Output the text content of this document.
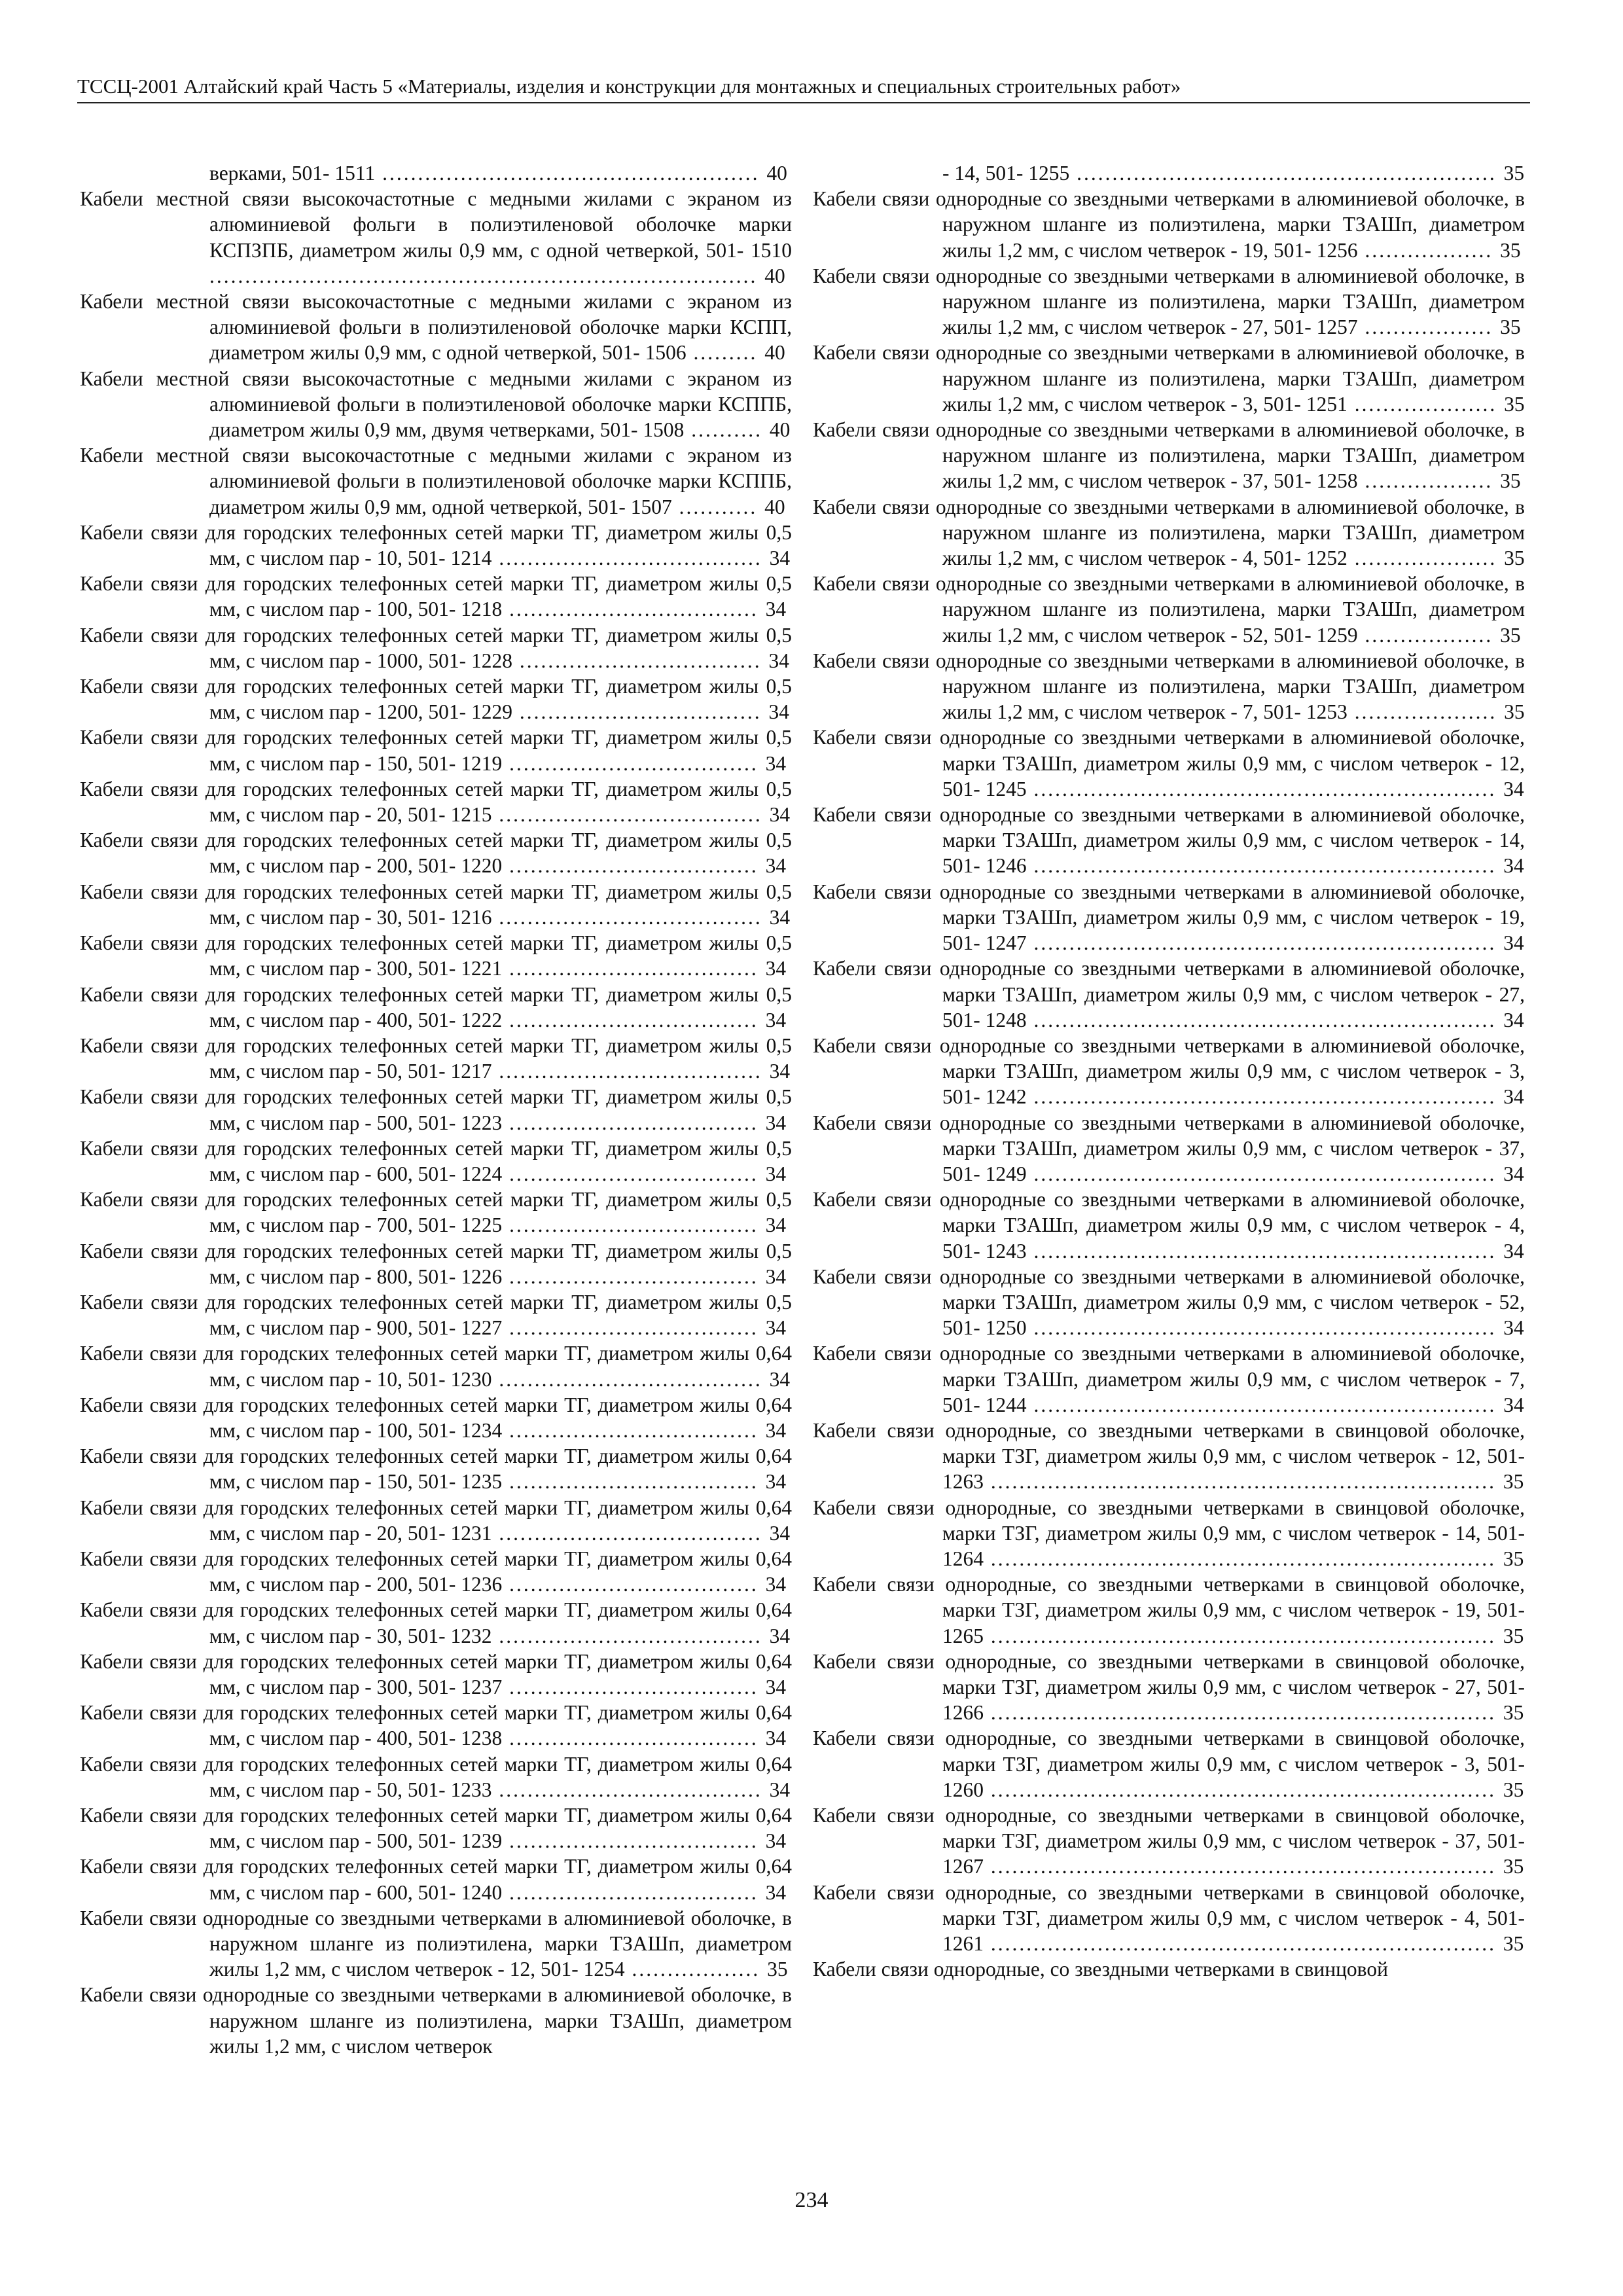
ТССЦ-2001 Алтайский край Часть 5 «Материалы, изделия и конструкции для монтажных и специальных строительных работ»
верками, 501- 1511 ..................................................... 40
Кабели местной связи высокочастотные с медными жилами с экраном из алюминиевой фольги в полиэтиленовой оболочке марки КСПЗПБ, диаметром жилы 0,9 мм, с одной четверкой, 501- 1510 ............................................................................. 40
Кабели местной связи высокочастотные с медными жилами с экраном из алюминиевой фольги в полиэтиленовой оболочке марки КСПП, диаметром жилы 0,9 мм, с одной четверкой, 501- 1506 ......... 40
Кабели местной связи высокочастотные с медными жилами с экраном из алюминиевой фольги в полиэтиленовой оболочке марки КСППБ, диаметром жилы 0,9 мм, двумя четверками, 501- 1508 .......... 40
Кабели местной связи высокочастотные с медными жилами с экраном из алюминиевой фольги в полиэтиленовой оболочке марки КСППБ, диаметром жилы 0,9 мм, одной четверкой, 501- 1507 ........... 40
Кабели связи для городских телефонных сетей марки ТГ, диаметром жилы 0,5 мм, с числом пар - 10, 501- 1214 ..................................... 34
Кабели связи для городских телефонных сетей марки ТГ, диаметром жилы 0,5 мм, с числом пар - 100, 501- 1218 ................................... 34
Кабели связи для городских телефонных сетей марки ТГ, диаметром жилы 0,5 мм, с числом пар - 1000, 501- 1228 .................................. 34
Кабели связи для городских телефонных сетей марки ТГ, диаметром жилы 0,5 мм, с числом пар - 1200, 501- 1229 .................................. 34
Кабели связи для городских телефонных сетей марки ТГ, диаметром жилы 0,5 мм, с числом пар - 150, 501- 1219 ................................... 34
Кабели связи для городских телефонных сетей марки ТГ, диаметром жилы 0,5 мм, с числом пар - 20, 501- 1215 ..................................... 34
Кабели связи для городских телефонных сетей марки ТГ, диаметром жилы 0,5 мм, с числом пар - 200, 501- 1220 ................................... 34
Кабели связи для городских телефонных сетей марки ТГ, диаметром жилы 0,5 мм, с числом пар - 30, 501- 1216 ..................................... 34
Кабели связи для городских телефонных сетей марки ТГ, диаметром жилы 0,5 мм, с числом пар - 300, 501- 1221 ................................... 34
Кабели связи для городских телефонных сетей марки ТГ, диаметром жилы 0,5 мм, с числом пар - 400, 501- 1222 ................................... 34
Кабели связи для городских телефонных сетей марки ТГ, диаметром жилы 0,5 мм, с числом пар - 50, 501- 1217 ..................................... 34
Кабели связи для городских телефонных сетей марки ТГ, диаметром жилы 0,5 мм, с числом пар - 500, 501- 1223 ................................... 34
Кабели связи для городских телефонных сетей марки ТГ, диаметром жилы 0,5 мм, с числом пар - 600, 501- 1224 ................................... 34
Кабели связи для городских телефонных сетей марки ТГ, диаметром жилы 0,5 мм, с числом пар - 700, 501- 1225 ................................... 34
Кабели связи для городских телефонных сетей марки ТГ, диаметром жилы 0,5 мм, с числом пар - 800, 501- 1226 ................................... 34
Кабели связи для городских телефонных сетей марки ТГ, диаметром жилы 0,5 мм, с числом пар - 900, 501- 1227 ................................... 34
Кабели связи для городских телефонных сетей марки ТГ, диаметром жилы 0,64 мм, с числом пар - 10, 501- 1230 ..................................... 34
Кабели связи для городских телефонных сетей марки ТГ, диаметром жилы 0,64 мм, с числом пар - 100, 501- 1234 ................................... 34
Кабели связи для городских телефонных сетей марки ТГ, диаметром жилы 0,64 мм, с числом пар - 150, 501- 1235 ................................... 34
Кабели связи для городских телефонных сетей марки ТГ, диаметром жилы 0,64 мм, с числом пар - 20, 501- 1231 ..................................... 34
Кабели связи для городских телефонных сетей марки ТГ, диаметром жилы 0,64 мм, с числом пар - 200, 501- 1236 ................................... 34
Кабели связи для городских телефонных сетей марки ТГ, диаметром жилы 0,64 мм, с числом пар - 30, 501- 1232 ..................................... 34
Кабели связи для городских телефонных сетей марки ТГ, диаметром жилы 0,64 мм, с числом пар - 300, 501- 1237 ................................... 34
Кабели связи для городских телефонных сетей марки ТГ, диаметром жилы 0,64 мм, с числом пар - 400, 501- 1238 ................................... 34
Кабели связи для городских телефонных сетей марки ТГ, диаметром жилы 0,64 мм, с числом пар - 50, 501- 1233 ..................................... 34
Кабели связи для городских телефонных сетей марки ТГ, диаметром жилы 0,64 мм, с числом пар - 500, 501- 1239 ................................... 34
Кабели связи для городских телефонных сетей марки ТГ, диаметром жилы 0,64 мм, с числом пар - 600, 501- 1240 ................................... 34
Кабели связи однородные со звездными четверками в алюминиевой оболочке, в наружном шланге из полиэтилена, марки ТЗАШп, диаметром жилы 1,2 мм, с числом четверок - 12, 501- 1254 .................. 35
Кабели связи однородные со звездными четверками в алюминиевой оболочке, в наружном шланге из полиэтилена, марки ТЗАШп, диаметром жилы 1,2 мм, с числом четверок
- 14, 501- 1255 ........................................................... 35
Кабели связи однородные со звездными четверками в алюминиевой оболочке, в наружном шланге из полиэтилена, марки ТЗАШп, диаметром жилы 1,2 мм, с числом четверок - 19, 501- 1256 .................. 35
Кабели связи однородные со звездными четверками в алюминиевой оболочке, в наружном шланге из полиэтилена, марки ТЗАШп, диаметром жилы 1,2 мм, с числом четверок - 27, 501- 1257 .................. 35
Кабели связи однородные со звездными четверками в алюминиевой оболочке, в наружном шланге из полиэтилена, марки ТЗАШп, диаметром жилы 1,2 мм, с числом четверок - 3, 501- 1251 .................... 35
Кабели связи однородные со звездными четверками в алюминиевой оболочке, в наружном шланге из полиэтилена, марки ТЗАШп, диаметром жилы 1,2 мм, с числом четверок - 37, 501- 1258 .................. 35
Кабели связи однородные со звездными четверками в алюминиевой оболочке, в наружном шланге из полиэтилена, марки ТЗАШп, диаметром жилы 1,2 мм, с числом четверок - 4, 501- 1252 .................... 35
Кабели связи однородные со звездными четверками в алюминиевой оболочке, в наружном шланге из полиэтилена, марки ТЗАШп, диаметром жилы 1,2 мм, с числом четверок - 52, 501- 1259 .................. 35
Кабели связи однородные со звездными четверками в алюминиевой оболочке, в наружном шланге из полиэтилена, марки ТЗАШп, диаметром жилы 1,2 мм, с числом четверок - 7, 501- 1253 .................... 35
Кабели связи однородные со звездными четверками в алюминиевой оболочке, марки ТЗАШп, диаметром жилы 0,9 мм, с числом четверок - 12, 501- 1245 ................................................................. 34
Кабели связи однородные со звездными четверками в алюминиевой оболочке, марки ТЗАШп, диаметром жилы 0,9 мм, с числом четверок - 14, 501- 1246 ................................................................. 34
Кабели связи однородные со звездными четверками в алюминиевой оболочке, марки ТЗАШп, диаметром жилы 0,9 мм, с числом четверок - 19, 501- 1247 ................................................................. 34
Кабели связи однородные со звездными четверками в алюминиевой оболочке, марки ТЗАШп, диаметром жилы 0,9 мм, с числом четверок - 27, 501- 1248 ................................................................. 34
Кабели связи однородные со звездными четверками в алюминиевой оболочке, марки ТЗАШп, диаметром жилы 0,9 мм, с числом четверок - 3, 501- 1242 ................................................................. 34
Кабели связи однородные со звездными четверками в алюминиевой оболочке, марки ТЗАШп, диаметром жилы 0,9 мм, с числом четверок - 37, 501- 1249 ................................................................. 34
Кабели связи однородные со звездными четверками в алюминиевой оболочке, марки ТЗАШп, диаметром жилы 0,9 мм, с числом четверок - 4, 501- 1243 ................................................................. 34
Кабели связи однородные со звездными четверками в алюминиевой оболочке, марки ТЗАШп, диаметром жилы 0,9 мм, с числом четверок - 52, 501- 1250 ................................................................. 34
Кабели связи однородные со звездными четверками в алюминиевой оболочке, марки ТЗАШп, диаметром жилы 0,9 мм, с числом четверок - 7, 501- 1244 ................................................................. 34
Кабели связи однородные, со звездными четверками в свинцовой оболочке, марки ТЗГ, диаметром жилы 0,9 мм, с числом четверок - 12, 501- 1263 ....................................................................... 35
Кабели связи однородные, со звездными четверками в свинцовой оболочке, марки ТЗГ, диаметром жилы 0,9 мм, с числом четверок - 14, 501- 1264 ....................................................................... 35
Кабели связи однородные, со звездными четверками в свинцовой оболочке, марки ТЗГ, диаметром жилы 0,9 мм, с числом четверок - 19, 501- 1265 ....................................................................... 35
Кабели связи однородные, со звездными четверками в свинцовой оболочке, марки ТЗГ, диаметром жилы 0,9 мм, с числом четверок - 27, 501- 1266 ....................................................................... 35
Кабели связи однородные, со звездными четверками в свинцовой оболочке, марки ТЗГ, диаметром жилы 0,9 мм, с числом четверок - 3, 501- 1260 ....................................................................... 35
Кабели связи однородные, со звездными четверками в свинцовой оболочке, марки ТЗГ, диаметром жилы 0,9 мм, с числом четверок - 37, 501- 1267 ....................................................................... 35
Кабели связи однородные, со звездными четверками в свинцовой оболочке, марки ТЗГ, диаметром жилы 0,9 мм, с числом четверок - 4, 501- 1261 ....................................................................... 35
Кабели связи однородные, со звездными четверками в свинцовой
234
